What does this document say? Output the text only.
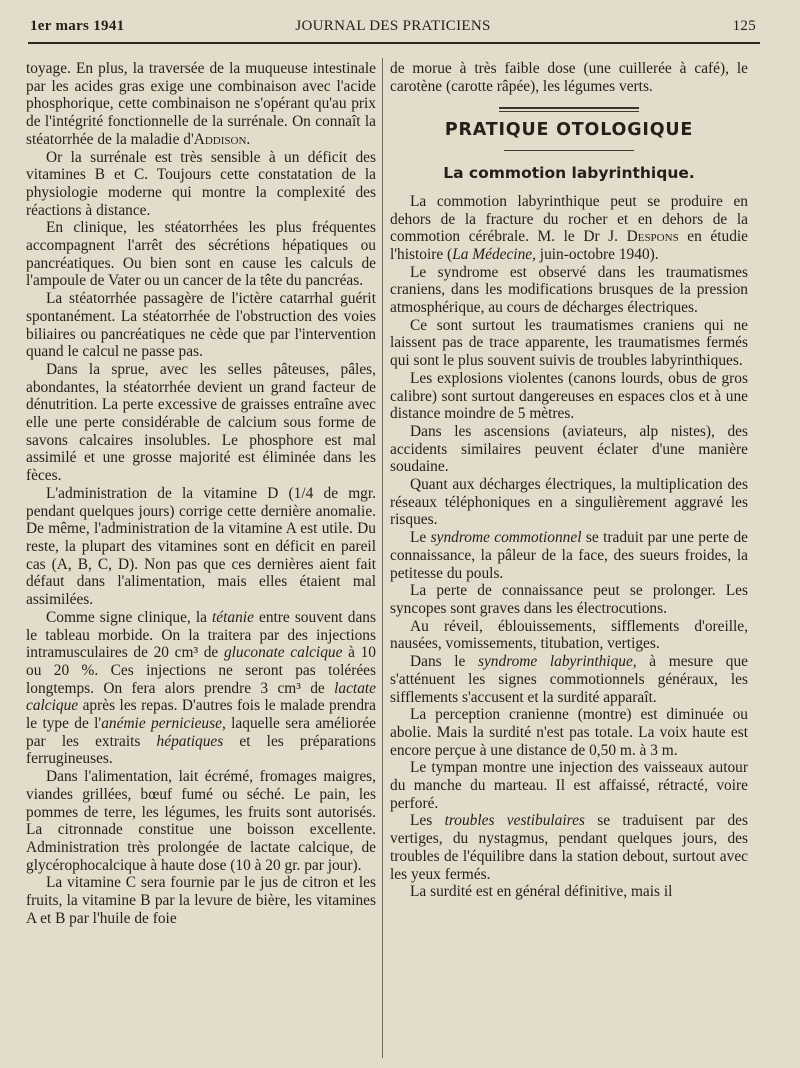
1er mars 1941	JOURNAL DES PRATICIENS	125

toyage. En plus, la traversée de la muqueuse intestinale par les acides gras exige une combinaison avec l'acide phosphorique, cette combinaison ne s'opérant qu'au prix de l'intégrité fonctionnelle de la surrénale. On connaît la stéatorrhée de la maladie d'Addison.

Or la surrénale est très sensible à un déficit des vitamines B et C. Toujours cette constatation de la physiologie moderne qui montre la complexité des réactions à distance.

En clinique, les stéatorrhées les plus fréquentes accompagnent l'arrêt des sécrétions hépatiques ou pancréatiques. Ou bien sont en cause les calculs de l'ampoule de Vater ou un cancer de la tête du pancréas.

La stéatorrhée passagère de l'ictère catarrhal guérit spontanément. La stéatorrhée de l'obstruction des voies biliaires ou pancréatiques ne cède que par l'intervention quand le calcul ne passe pas.

Dans la sprue, avec les selles pâteuses, pâles, abondantes, la stéatorrhée devient un grand facteur de dénutrition. La perte excessive de graisses entraîne avec elle une perte considérable de calcium sous forme de savons calcaires insolubles. Le phosphore est mal assimilé et une grosse majorité est éliminée dans les fèces.

L'administration de la vitamine D (1/4 de mgr. pendant quelques jours) corrige cette dernière anomalie. De même, l'administration de la vitamine A est utile. Du reste, la plupart des vitamines sont en déficit en pareil cas (A, B, C, D). Non pas que ces dernières aient fait défaut dans l'alimentation, mais elles étaient mal assimilées.

Comme signe clinique, la tétanie entre souvent dans le tableau morbide. On la traitera par des injections intramusculaires de 20 cm³ de gluconate calcique à 10 ou 20 %. Ces injections ne seront pas tolérées longtemps. On fera alors prendre 3 cm³ de lactate calcique après les repas. D'autres fois le malade prendra le type de l'anémie pernicieuse, laquelle sera améliorée par les extraits hépatiques et les préparations ferrugineuses.

Dans l'alimentation, lait écrémé, fromages maigres, viandes grillées, bœuf fumé ou séché. Le pain, les pommes de terre, les légumes, les fruits sont autorisés. La citronnade constitue une boisson excellente. Administration très prolongée de lactate calcique, de glycérophocalcique à haute dose (10 à 20 gr. par jour).

La vitamine C sera fournie par le jus de citron et les fruits, la vitamine B par la levure de bière, les vitamines A et B par l'huile de foie

de morue à très faible dose (une cuillerée à café), le carotène (carotte râpée), les légumes verts.

PRATIQUE OTOLOGIQUE
La commotion labyrinthique.

La commotion labyrinthique peut se produire en dehors de la fracture du rocher et en dehors de la commotion cérébrale. M. le Dr J. Despons en étudie l'histoire (La Médecine, juin-octobre 1940).

Le syndrome est observé dans les traumatismes craniens, dans les modifications brusques de la pression atmosphérique, au cours de décharges électriques.

Ce sont surtout les traumatismes craniens qui ne laissent pas de trace apparente, les traumatismes fermés qui sont le plus souvent suivis de troubles labyrinthiques.

Les explosions violentes (canons lourds, obus de gros calibre) sont surtout dangereuses en espaces clos et à une distance moindre de 5 mètres.

Dans les ascensions (aviateurs, alp nistes), des accidents similaires peuvent éclater d'une manière soudaine.

Quant aux décharges électriques, la multiplication des réseaux téléphoniques en a singulièrement aggravé les risques.

Le syndrome commotionnel se traduit par une perte de connaissance, la pâleur de la face, des sueurs froides, la petitesse du pouls.

La perte de connaissance peut se prolonger. Les syncopes sont graves dans les électrocutions.

Au réveil, éblouissements, sifflements d'oreille, nausées, vomissements, titubation, vertiges.

Dans le syndrome labyrinthique, à mesure que s'atténuent les signes commotionnels généraux, les sifflements s'accusent et la surdité apparaît.

La perception cranienne (montre) est diminuée ou abolie. Mais la surdité n'est pas totale. La voix haute est encore perçue à une distance de 0,50 m. à 3 m.

Le tympan montre une injection des vaisseaux autour du manche du marteau. Il est affaissé, rétracté, voire perforé.

Les troubles vestibulaires se traduisent par des vertiges, du nystagmus, pendant quelques jours, des troubles de l'équilibre dans la station debout, surtout avec les yeux fermés.

La surdité est en général définitive, mais il
